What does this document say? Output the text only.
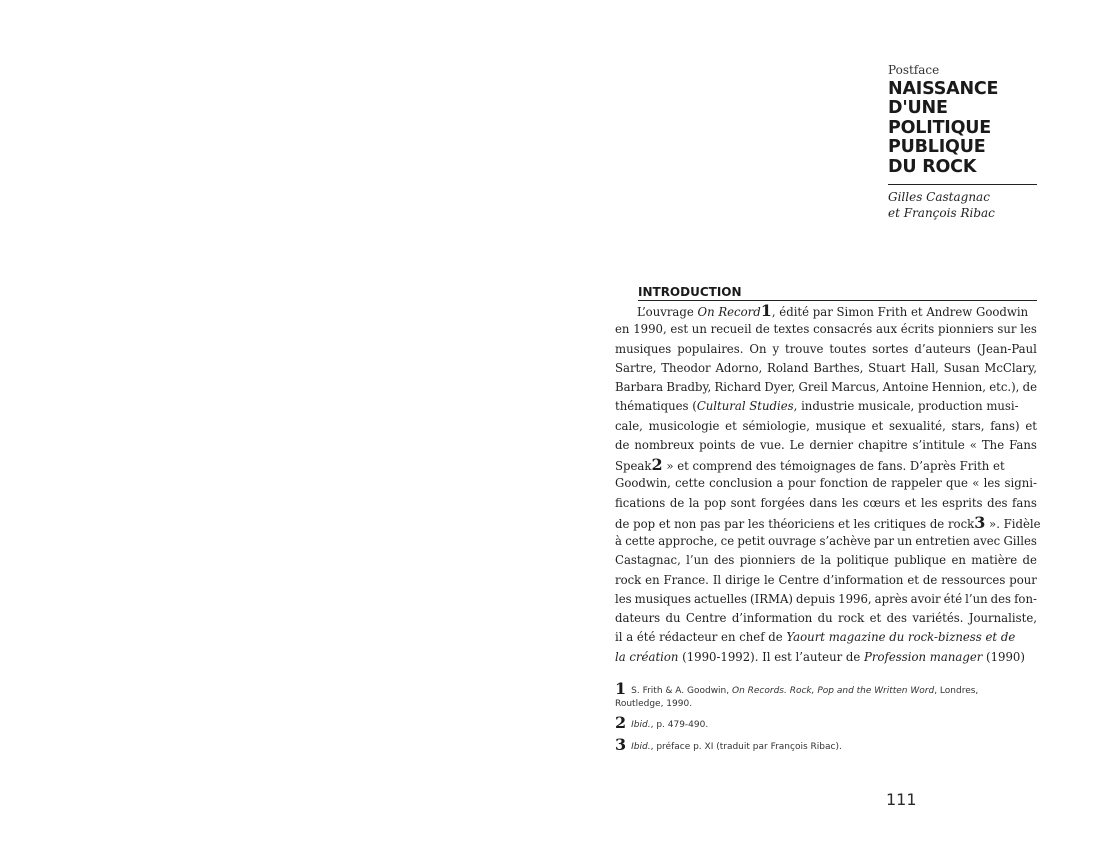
Postface
NAISSANCE
D'UNE
POLITIQUE
PUBLIQUE
DU ROCK
Gilles Castagnac
et François Ribac
INTRODUCTION
L’ouvrage On Record1, édité par Simon Frith et Andrew Goodwin
en 1990, est un recueil de textes consacrés aux écrits pionniers sur les
musiques populaires. On y trouve toutes sortes d’auteurs (Jean-Paul
Sartre, Theodor Adorno, Roland Barthes, Stuart Hall, Susan McClary,
Barbara Bradby, Richard Dyer, Greil Marcus, Antoine Hennion, etc.), de
thématiques (Cultural Studies, industrie musicale, production musi-
cale, musicologie et sémiologie, musique et sexualité, stars, fans) et
de nombreux points de vue. Le dernier chapitre s’intitule « The Fans
Speak2 » et comprend des témoignages de fans. D’après Frith et
Goodwin, cette conclusion a pour fonction de rappeler que « les signi-
fications de la pop sont forgées dans les cœurs et les esprits des fans
de pop et non pas par les théoriciens et les critiques de rock3 ». Fidèle
à cette approche, ce petit ouvrage s’achève par un entretien avec Gilles
Castagnac, l’un des pionniers de la politique publique en matière de
rock en France. Il dirige le Centre d’information et de ressources pour
les musiques actuelles (IRMA) depuis 1996, après avoir été l’un des fon-
dateurs du Centre d’information du rock et des variétés. Journaliste,
il a été rédacteur en chef de Yaourt magazine du rock-bizness et de
la création (1990-1992). Il est l’auteur de Profession manager (1990)
1 S. Frith & A. Goodwin, On Records. Rock, Pop and the Written Word, Londres,
Routledge, 1990.
2 Ibid., p. 479-490.
3 Ibid., préface p. XI (traduit par François Ribac).
111
